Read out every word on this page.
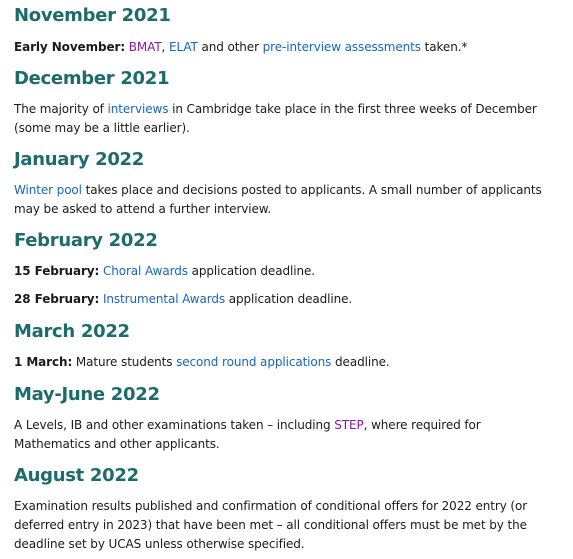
November 2021

Early November: BMAT, ELAT and other pre-interview assessments taken.*

December 2021

The majority of interviews in Cambridge take place in the first three weeks of December
(some may be a little earlier).

January 2022

Winter pool takes place and decisions posted to applicants. A small number of applicants
may be asked to attend a further interview.

February 2022

15 February: Choral Awards application deadline.

28 February: Instrumental Awards application deadline.

March 2022

1 March: Mature students second round applications deadline.

May-June 2022

A Levels, IB and other examinations taken – including STEP, where required for
Mathematics and other applicants.

August 2022

Examination results published and confirmation of conditional offers for 2022 entry (or
deferred entry in 2023) that have been met – all conditional offers must be met by the
deadline set by UCAS unless otherwise specified.
